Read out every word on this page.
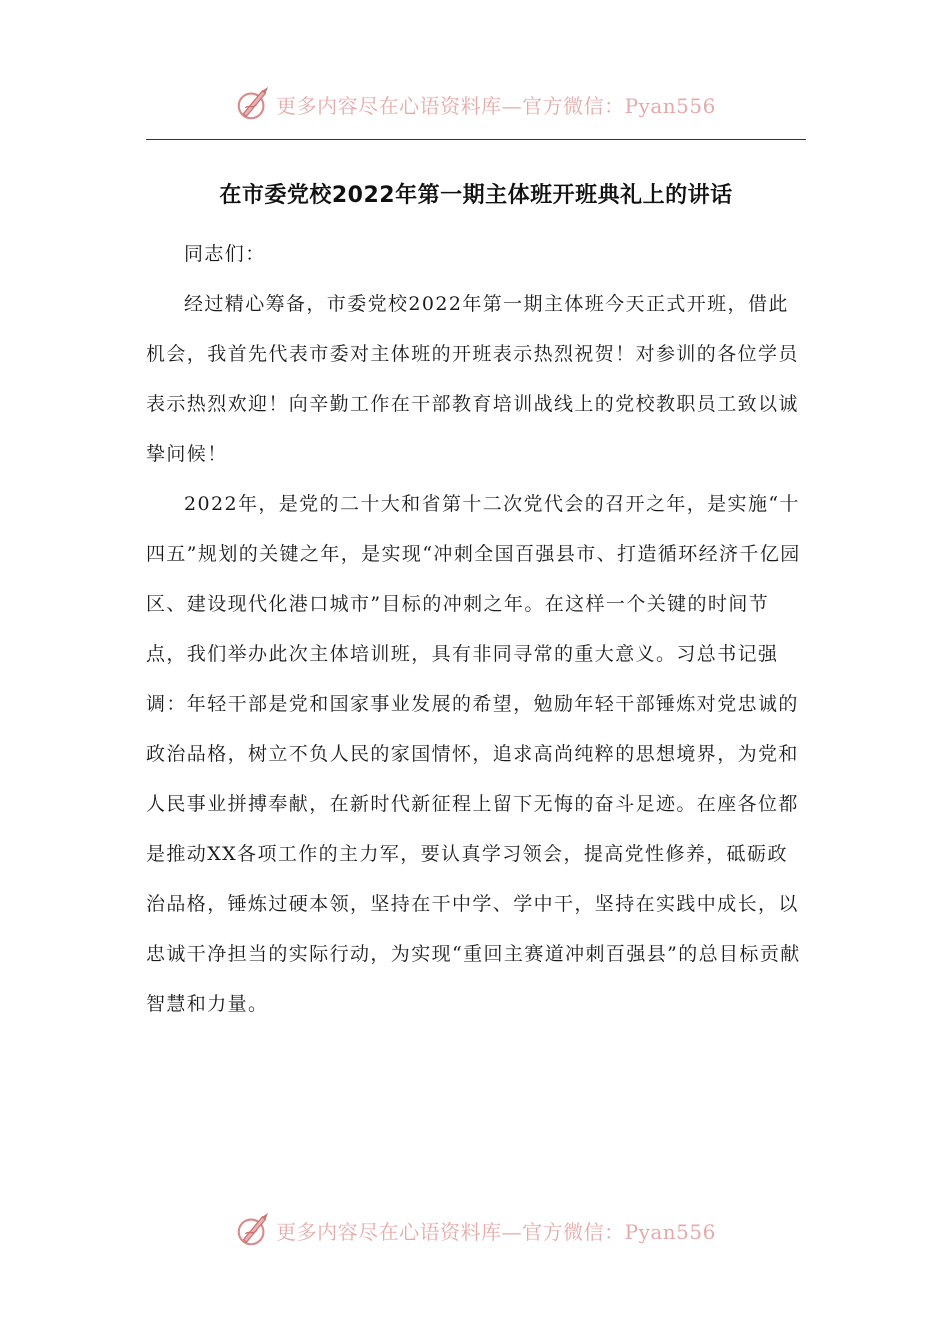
更多内容尽在心语资料库—官方微信：Pyan556
在市委党校2022年第一期主体班开班典礼上的讲话

同志们：

经过精心筹备，市委党校2022年第一期主体班今天正式开班，借此机会，我首先代表市委对主体班的开班表示热烈祝贺！对参训的各位学员表示热烈欢迎！向辛勤工作在干部教育培训战线上的党校教职员工致以诚挚问候！

2022年，是党的二十大和省第十二次党代会的召开之年，是实施“十四五”规划的关键之年，是实现“冲刺全国百强县市、打造循环经济千亿园区、建设现代化港口城市”目标的冲刺之年。在这样一个关键的时间节点，我们举办此次主体培训班，具有非同寻常的重大意义。习总书记强调：年轻干部是党和国家事业发展的希望，勉励年轻干部锤炼对党忠诚的政治品格，树立不负人民的家国情怀，追求高尚纯粹的思想境界，为党和人民事业拼搏奉献，在新时代新征程上留下无悔的奋斗足迹。在座各位都是推动XX各项工作的主力军，要认真学习领会，提高党性修养，砥砺政治品格，锤炼过硬本领，坚持在干中学、学中干，坚持在实践中成长，以忠诚干净担当的实际行动，为实现“重回主赛道冲刺百强县”的总目标贡献智慧和力量。

更多内容尽在心语资料库—官方微信：Pyan556
